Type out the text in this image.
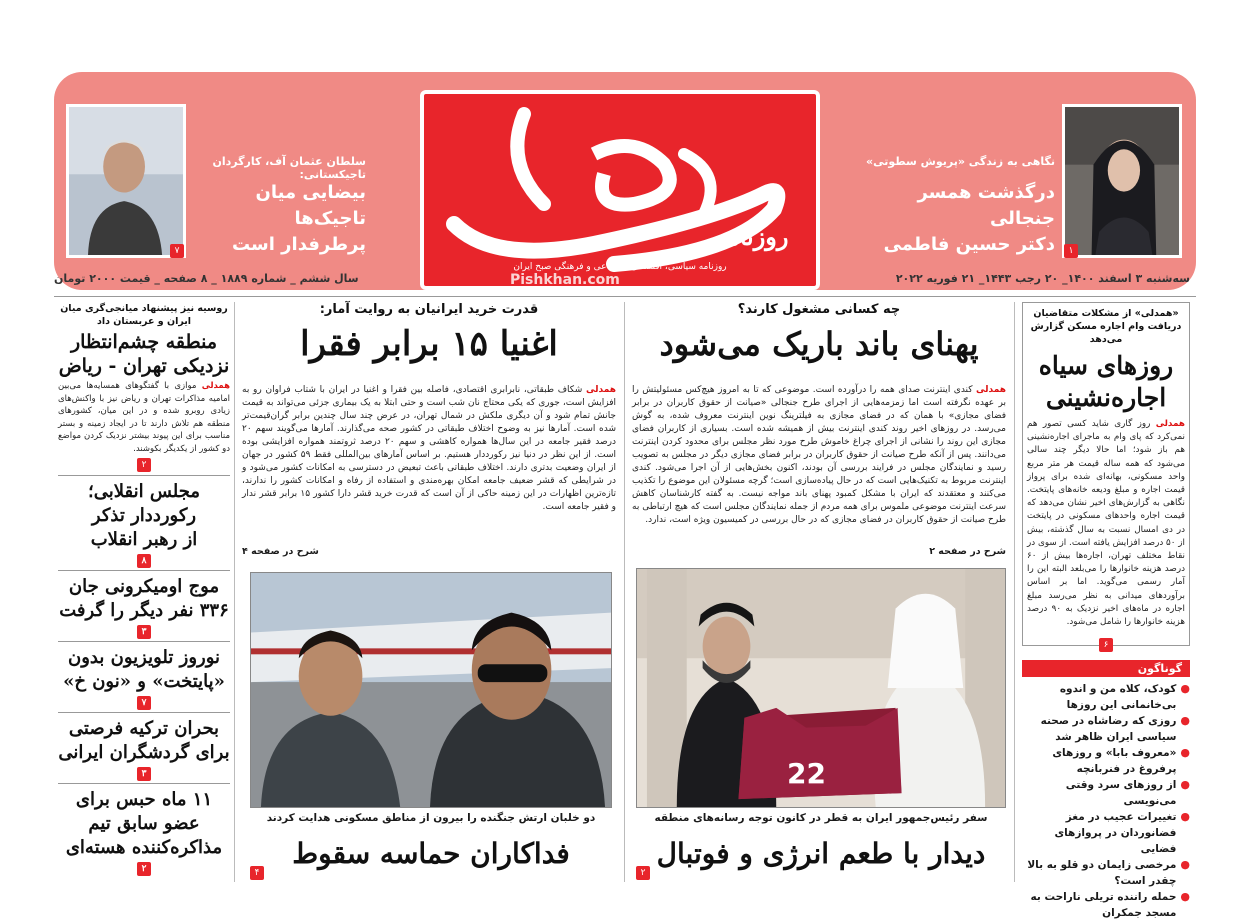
نگاهی به زندگی «پریوش سطوتی»
درگذشت همسر جنجالی
دکتر حسین فاطمی	۱
سلطان عثمان آف، کارگردان تاجیکستانی:
بیضایی میان تاجیک‌ها
پرطرفدار است
۷	روزنامه
روزنامه سیاسی، اقتصادی، اجتماعی و فرهنگی صبح ایران
Pishkhan.com	سه‌شنبه ۳ اسفند ۱۴۰۰_ ۲۰ رجب ۱۴۴۳_ ۲۱ فوریه ۲۰۲۲
سال ششم _ شماره ۱۸۸۹ _ ۸ صفحه _ قیمت ۲۰۰۰ تومان
«همدلی» از مشکلات متقاضیان دریافت وام اجاره مسکن گزارش می‌دهد
روزهای سیاه
اجاره‌نشینی
همدلی روز گاری شاید کسی تصور هم نمی‌کرد که پای وام به ماجرای اجاره‌نشینی هم باز شود؛ اما حالا دیگر چند سالی می‌شود که همه ساله قیمت هر متر مربع واحد مسکونی، بهانه‌ای شده برای پرواز قیمت اجاره و مبلغ ودیعه خانه‌های پایتخت. نگاهی به گزارش‌های اخیر نشان می‌دهد که قیمت اجاره واحدهای مسکونی در پایتخت در دی امسال نسبت به سال گذشته، بیش از ۵۰ درصد افزایش یافته است. از سوی در نقاط مختلف تهران، اجاره‌ها بیش از ۶۰ درصد هزینه خانوارها را می‌بلعد البته این را آمار رسمی می‌گوید. اما بر اساس برآوردهای میدانی به نظر می‌رسد مبلغ اجاره در ماه‌های اخیر نزدیک به ۹۰ درصد هزینه خانوارها را شامل می‌شود.
۶
گوناگون
●
کودک، کلاه من و اندوه بی‌خانمانی این روزها
●
روزی که رضاشاه در صحنه سیاسی ایران ظاهر شد
●
«معروف بابا» و روزهای پرفروغ در فنربانچه
●
از روزهای سرد وقتی می‌نویسی
●
تغییرات عجیب در مغز فضانوردان در پروازهای فضایی
●
مرخصی زایمان دو قلو به بالا چقدر است؟
●
حمله راننده تریلی ناراحت به مسجد جمکران
چه کسانی مشغول کارند؟
پهنای باند باریک می‌شود
همدلی کندی اینترنت صدای همه را درآورده است. موضوعی که تا به امروز هیچ‌کس مسئولیتش را بر عهده نگرفته است اما زمزمه‌هایی از اجرای طرح جنجالی «صیانت از حقوق کاربران در برابر فضای مجازی» با همان که در فضای مجازی به فیلترینگ نوین اینترنت معروف شده، به گوش می‌رسد. در روزهای اخیر روند کندی اینترنت بیش از همیشه شده است. بسیاری از کاربران فضای مجازی این روند را نشانی از اجرای چراغ خاموش طرح مورد نظر مجلس برای محدود کردن اینترنت می‌دانند. پس از آنکه طرح صیانت از حقوق کاربران در برابر فضای مجازی دیگر در مجلس به تصویب رسید و نمایندگان مجلس در فرایند بررسی آن بودند، اکنون بخش‌هایی از آن اجرا می‌شود. کندی اینترنت مربوط به تکنیک‌هایی است که در حال پیاده‌سازی است؛ گرچه مسئولان این موضوع را تکذیب می‌کنند و معتقدند که ایران با مشکل کمبود پهنای باند مواجه نیست. به گفته کارشناسان کاهش سرعت اینترنت موضوعی ملموس برای همه مردم از جمله نمایندگان مجلس است که هیچ ارتباطی به طرح صیانت از حقوق کاربران در فضای مجازی که در حال بررسی در کمیسیون ویژه است، ندارد.
شرح در صفحه ۲
22
سفر رئیس‌جمهور ایران به قطر در کانون توجه رسانه‌های منطقه
دیدار با طعم انرژی و فوتبال
۲
قدرت خرید ایرانیان به روایت آمار:
اغنیا ۱۵ برابر فقرا
همدلی شکاف طبقاتی، نابرابری اقتصادی، فاصله بین فقرا و اغنیا در ایران با شتاب فراوان رو به افزایش است، جوری که یکی محتاج نان شب است و حتی ابتلا به یک بیماری جزئی می‌تواند به قیمت جانش تمام شود و آن دیگری ملکش در شمال تهران، در عرض چند سال چندین برابر گران‌قیمت‌تر شده است. آمارها نیز به وضوح اختلاف طبقاتی در کشور صحه می‌گذارند. آمارها می‌گویند سهم ۲۰ درصد فقیر جامعه در این سال‌ها همواره کاهشی و سهم ۲۰ درصد ثروتمند همواره افزایشی بوده است. از این نظر در دنیا نیز رکورددار هستیم. بر اساس آمارهای بین‌المللی فقط ۵۹ کشور در جهان از ایران وضعیت بدتری دارند. اختلاف طبقاتی باعث تبعیض در دسترسی به امکانات کشور می‌شود و در شرایطی که قشر ضعیف جامعه امکان بهره‌مندی و استفاده از رفاه و امکانات کشور را ندارند، تازه‌ترین اظهارات در این زمینه حاکی از آن است که قدرت خرید قشر دارا کشور ۱۵ برابر قشر ندار و فقیر جامعه است.
شرح در صفحه ۴
دو خلبان ارتش جنگنده را بیرون از مناطق مسکونی هدایت کردند
فداکاران حماسه سقوط
۴
روسیه نیز پیشنهاد میانجی‌گری میان ایران و عربستان داد
منطقه چشم‌انتظار
نزدیکی تهران - ریاض
همدلی موازی با گفتگوهای همسایه‌ها می‌بین‌ امامیه مذاکرات تهران و ریاض نیز با واکنش‌های زیادی روبرو شده و در این میان، کشورهای منطقه هم تلاش دارند تا در ایجاد زمینه و بستر مناسب برای این پیوند بیشتر نزدیک کردن مواضع دو کشور از یکدیگر بکوشند.
۲
مجلس انقلابی؛
رکورددار تذکر
از رهبر انقلاب
۸
موج اومیکرونی جان
۳۳۶ نفر دیگر را گرفت
۳
نوروز تلویزیون بدون
«پایتخت» و «نون خ»
۷
بحران ترکیه فرصتی
برای گردشگران ایرانی
۳
۱۱ ماه حبس برای
عضو سابق تیم
مذاکره‌کننده هسته‌ای
۲
